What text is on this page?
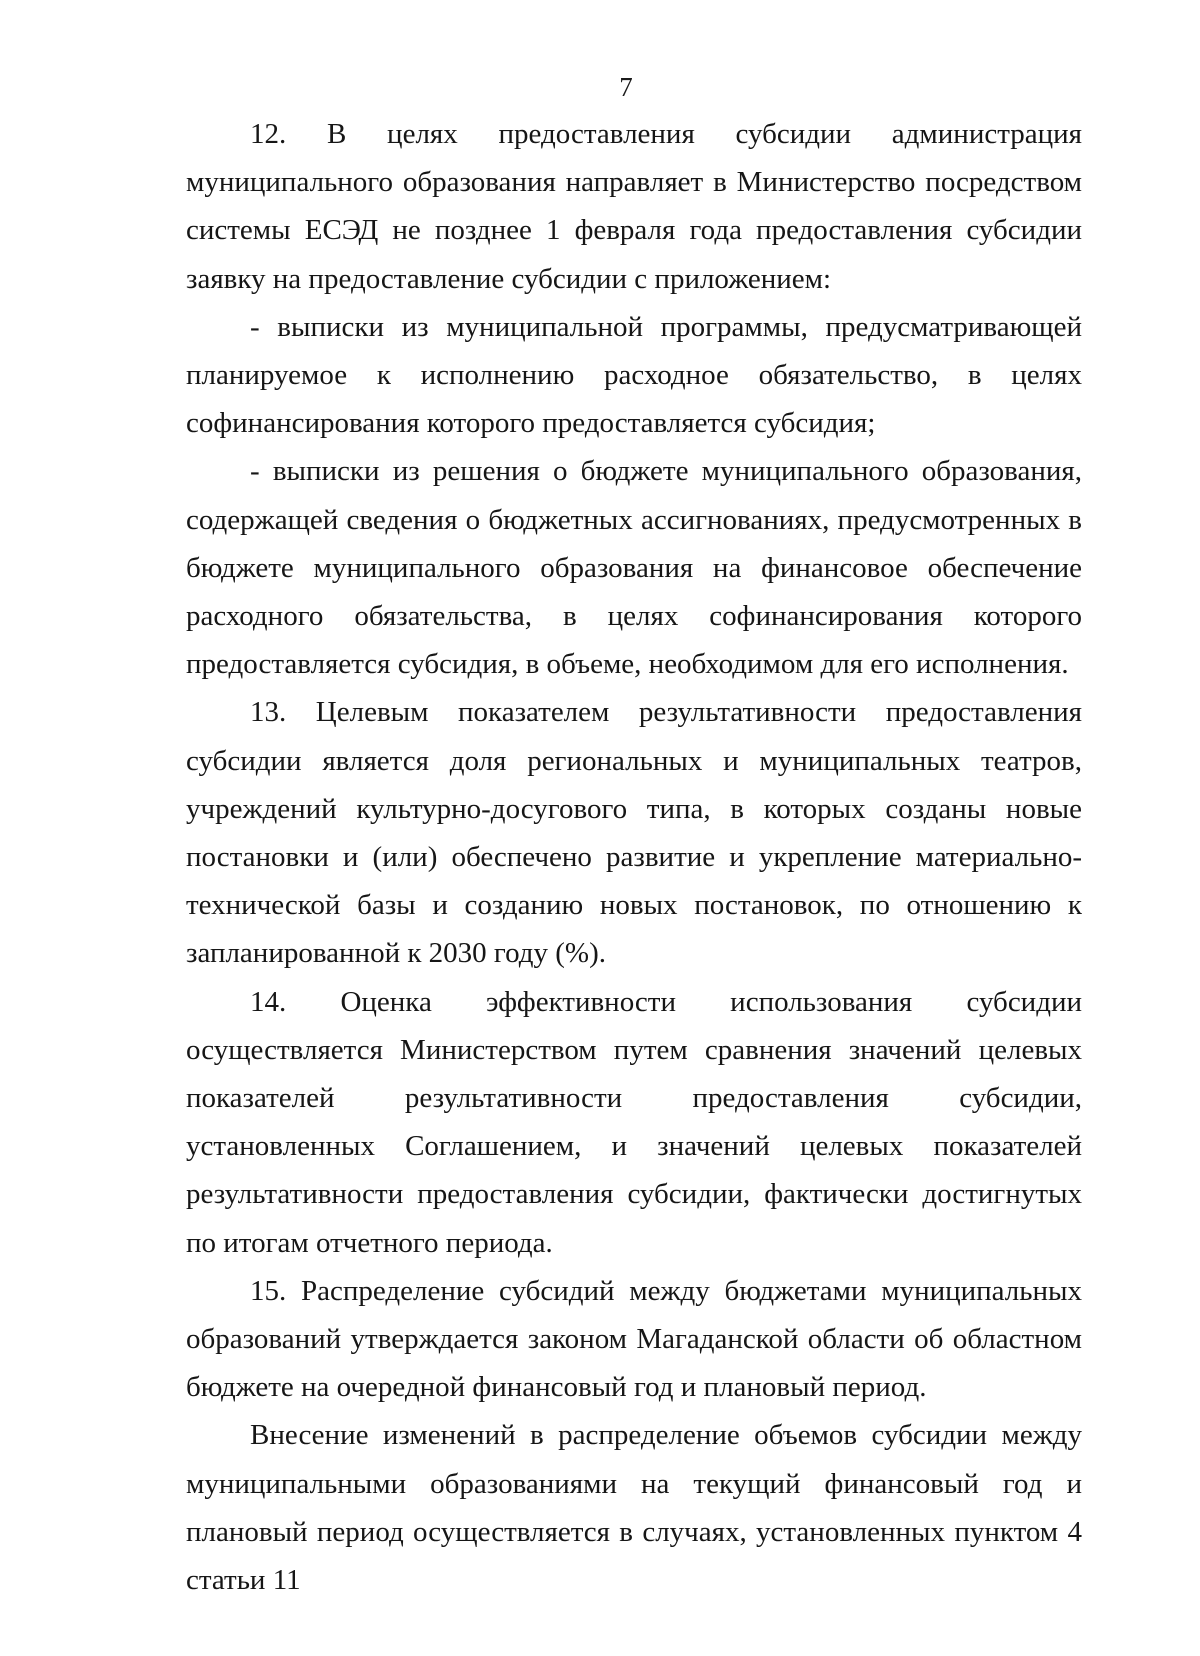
7

12. В целях предоставления субсидии администрация муниципального образования направляет в Министерство посредством системы ЕСЭД не позднее 1 февраля года предоставления субсидии заявку на предоставление субсидии с приложением:

- выписки из муниципальной программы, предусматривающей планируемое к исполнению расходное обязательство, в целях софинансирования которого предоставляется субсидия;

- выписки из решения о бюджете муниципального образования, содержащей сведения о бюджетных ассигнованиях, предусмотренных в бюджете муниципального образования на финансовое обеспечение расходного обязательства, в целях софинансирования которого предоставляется субсидия, в объеме, необходимом для его исполнения.

13. Целевым показателем результативности предоставления субсидии является доля региональных и муниципальных театров, учреждений культурно-досугового типа, в которых созданы новые постановки и (или) обеспечено развитие и укрепление материально-технической базы и созданию новых постановок, по отношению к запланированной к 2030 году (%).

14. Оценка эффективности использования субсидии осуществляется Министерством путем сравнения значений целевых показателей результативности предоставления субсидии, установленных Соглашением, и значений целевых показателей результативности предоставления субсидии, фактически достигнутых по итогам отчетного периода.

15. Распределение субсидий между бюджетами муниципальных образований утверждается законом Магаданской области об областном бюджете на очередной финансовый год и плановый период.

Внесение изменений в распределение объемов субсидии между муниципальными образованиями на текущий финансовый год и плановый период осуществляется в случаях, установленных пунктом 4 статьи 11
